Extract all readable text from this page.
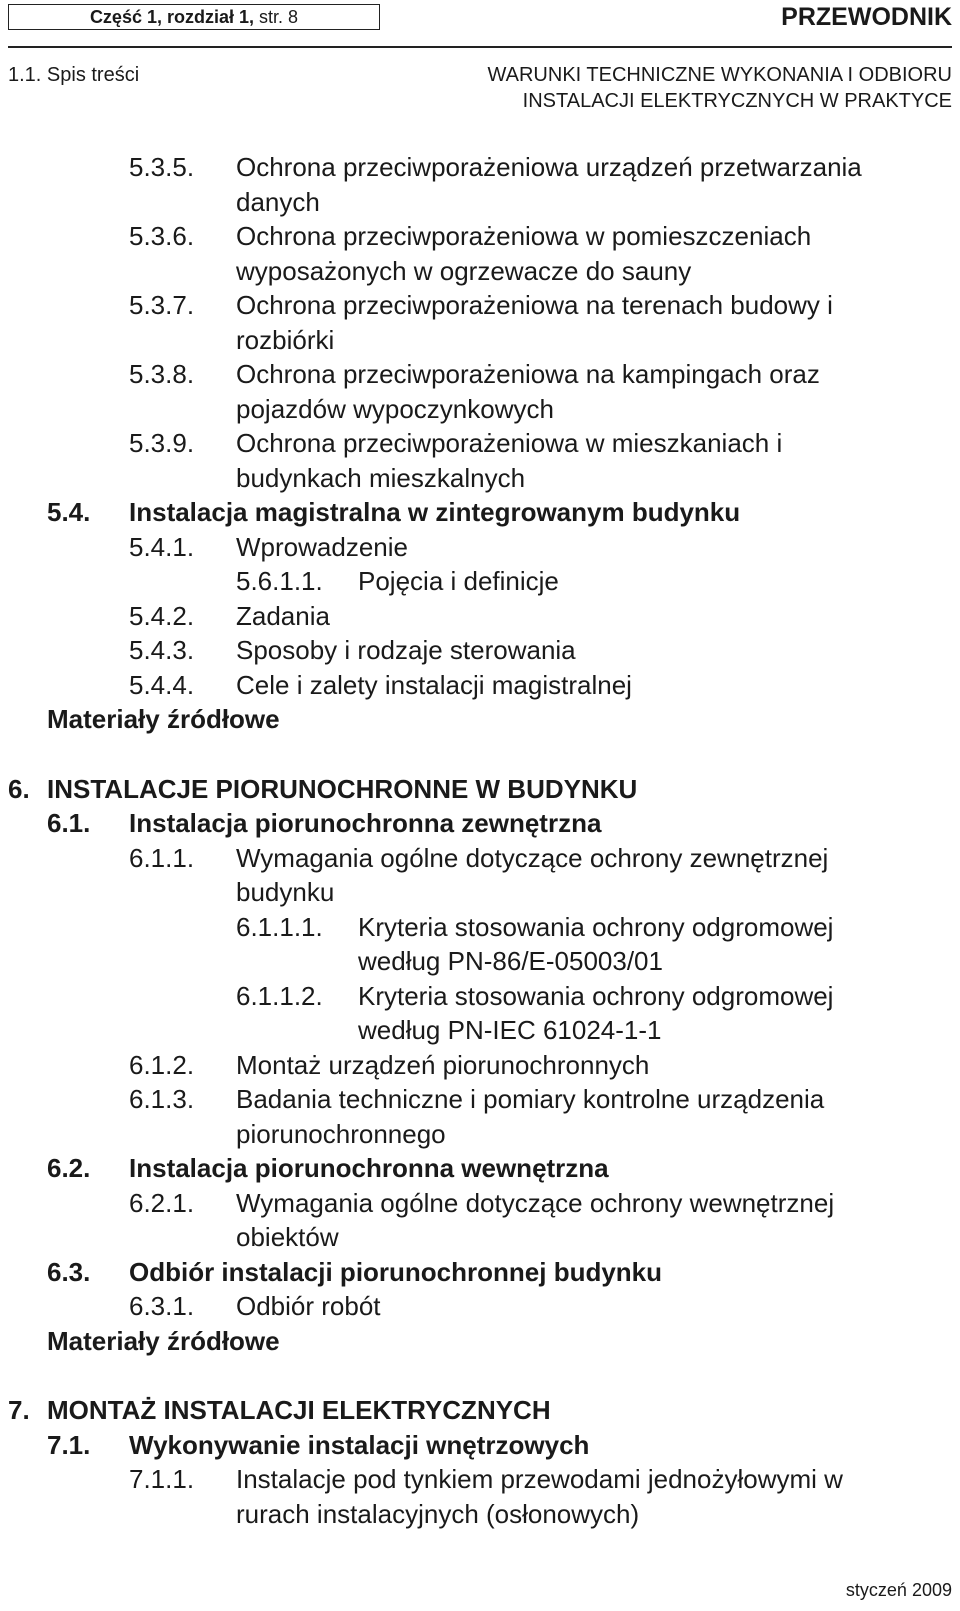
Część 1, rozdział 1, str. 8	PRZEWODNIK
1.1. Spis treści	WARUNKI TECHNICZNE WYKONANIA I ODBIORU
INSTALACJI ELEKTRYCZNYCH W PRAKTYCE
5.3.5. Ochrona przeciwporażeniowa urządzeń przetwarzania danych
5.3.6. Ochrona przeciwporażeniowa w pomieszczeniach wyposażonych w ogrzewacze do sauny
5.3.7. Ochrona przeciwporażeniowa na terenach budowy i rozbiórki
5.3.8. Ochrona przeciwporażeniowa na kampingach oraz pojazdów wypoczynkowych
5.3.9. Ochrona przeciwporażeniowa w mieszkaniach i budynkach mieszkalnych
5.4. Instalacja magistralna w zintegrowanym budynku
5.4.1. Wprowadzenie
5.6.1.1. Pojęcia i definicje
5.4.2. Zadania
5.4.3. Sposoby i rodzaje sterowania
5.4.4. Cele i zalety instalacji magistralnej
Materiały źródłowe
6. INSTALACJE PIORUNOCHRONNE W BUDYNKU
6.1. Instalacja piorunochronna zewnętrzna
6.1.1. Wymagania ogólne dotyczące ochrony zewnętrznej budynku
6.1.1.1. Kryteria stosowania ochrony odgromowej według PN-86/E-05003/01
6.1.1.2. Kryteria stosowania ochrony odgromowej według PN-IEC 61024-1-1
6.1.2. Montaż urządzeń piorunochronnych
6.1.3. Badania techniczne i pomiary kontrolne urządzenia piorunochronnego
6.2. Instalacja piorunochronna wewnętrzna
6.2.1. Wymagania ogólne dotyczące ochrony wewnętrznej obiektów
6.3. Odbiór instalacji piorunochronnej budynku
6.3.1. Odbiór robót
Materiały źródłowe
7. MONTAŻ INSTALACJI ELEKTRYCZNYCH
7.1. Wykonywanie instalacji wnętrzowych
7.1.1. Instalacje pod tynkiem przewodami jednożyłowymi w rurach instalacyjnych (osłonowych)
styczeń 2009
